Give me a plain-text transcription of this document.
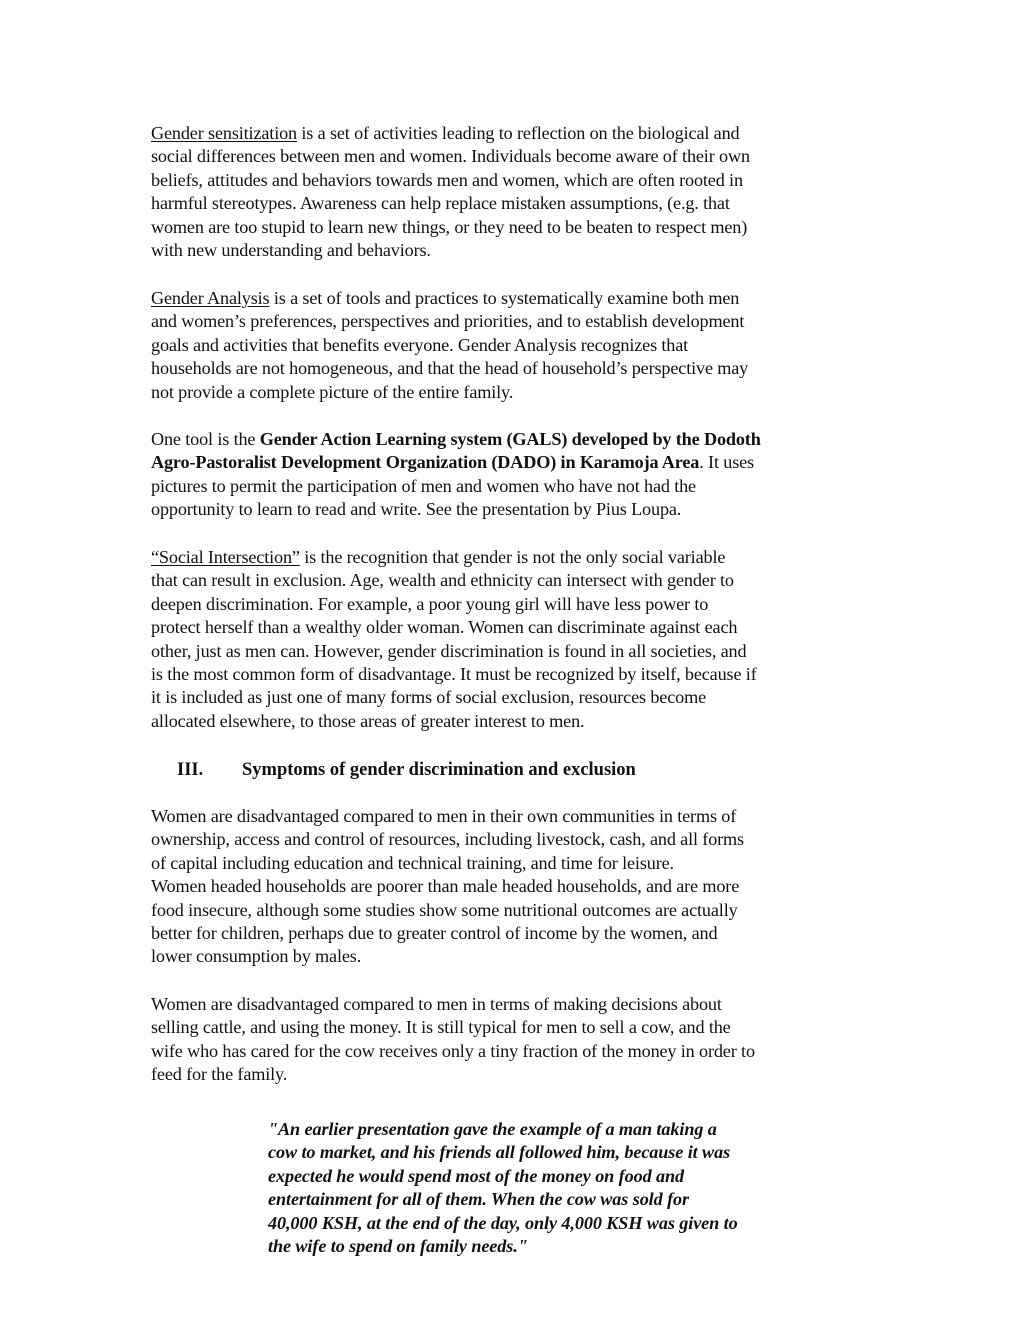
Gender sensitization is a set of activities leading to reflection on the biological and
social differences between men and women. Individuals become aware of their own
beliefs, attitudes and behaviors towards men and women, which are often rooted in
harmful stereotypes. Awareness can help replace mistaken assumptions, (e.g. that
women are too stupid to learn new things, or they need to be beaten to respect men)
with new understanding and behaviors.
Gender Analysis is a set of tools and practices to systematically examine both men
and women’s preferences, perspectives and priorities, and to establish development
goals and activities that benefits everyone. Gender Analysis recognizes that
households are not homogeneous, and that the head of household’s perspective may
not provide a complete picture of the entire family.
One tool is the Gender Action Learning system (GALS) developed by the Dodoth
Agro-Pastoralist Development Organization (DADO) in Karamoja Area. It uses
pictures to permit the participation of men and women who have not had the
opportunity to learn to read and write. See the presentation by Pius Loupa.
“Social Intersection” is the recognition that gender is not the only social variable
that can result in exclusion. Age, wealth and ethnicity can intersect with gender to
deepen discrimination. For example, a poor young girl will have less power to
protect herself than a wealthy older woman. Women can discriminate against each
other, just as men can. However, gender discrimination is found in all societies, and
is the most common form of disadvantage. It must be recognized by itself, because if
it is included as just one of many forms of social exclusion, resources become
allocated elsewhere, to those areas of greater interest to men.
III. Symptoms of gender discrimination and exclusion
Women are disadvantaged compared to men in their own communities in terms of
ownership, access and control of resources, including livestock, cash, and all forms
of capital including education and technical training, and time for leisure.
Women headed households are poorer than male headed households, and are more
food insecure, although some studies show some nutritional outcomes are actually
better for children, perhaps due to greater control of income by the women, and
lower consumption by males.
Women are disadvantaged compared to men in terms of making decisions about
selling cattle, and using the money. It is still typical for men to sell a cow, and the
wife who has cared for the cow receives only a tiny fraction of the money in order to
feed for the family.
"An earlier presentation gave the example of a man taking a
cow to market, and his friends all followed him, because it was
expected he would spend most of the money on food and
entertainment for all of them. When the cow was sold for
40,000 KSH, at the end of the day, only 4,000 KSH was given to
the wife to spend on family needs."
